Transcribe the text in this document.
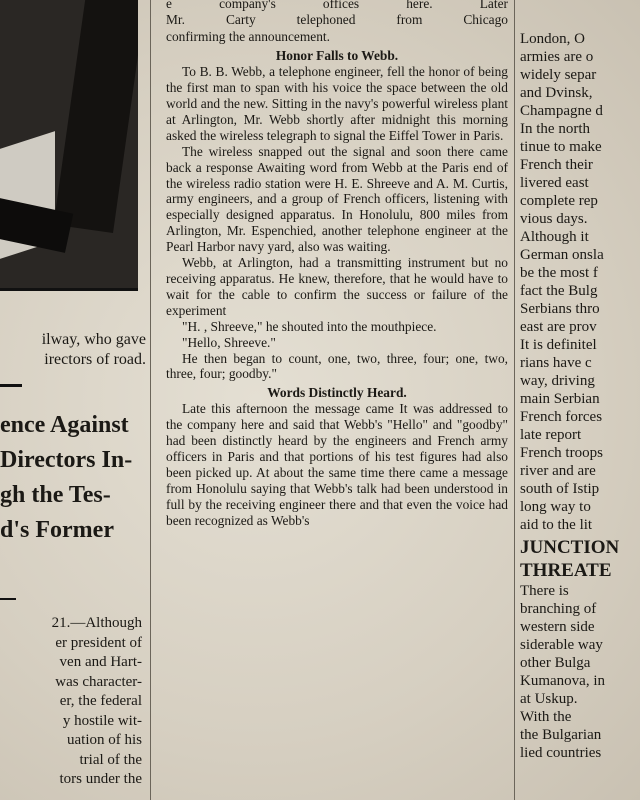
ilway, who gave
irectors of road.
ence Against
Directors In-
gh the Tes-
d's Former
21.—Although
er president of
ven and Hart-
was character-
er, the federal
y hostile wit-
uation of his
trial of the
tors under the
e company's offices here. Later
Mr. Carty telephoned from Chicago
confirming the announcement.
Honor Falls to Webb.

To B. B. Webb, a telephone engineer, fell the honor of being the first man to span with his voice the space between the old world and the new. Sitting in the navy's powerful wireless plant at Arlington, Mr. Webb shortly after midnight this morning asked the wireless telegraph to signal the Eiffel Tower in Paris.

The wireless snapped out the signal and soon there came back a response Awaiting word from Webb at the Paris end of the wireless radio station were H. E. Shreeve and A. M. Curtis, army engineers, and a group of French officers, listening with especially designed apparatus. In Honolulu, 800 miles from Arlington, Mr. Espenchied, another telephone engineer at the Pearl Harbor navy yard, also was waiting.

Webb, at Arlington, had a transmitting instrument but no receiving apparatus. He knew, therefore, that he would have to wait for the cable to confirm the success or failure of the experiment

"H. , Shreeve," he shouted into the mouthpiece.

"Hello, Shreeve."

He then began to count, one, two, three, four; one, two, three, four; goodby."

Words Distinctly Heard.

Late this afternoon the message came It was addressed to the company here and said that Webb's "Hello" and "goodby" had been distinctly heard by the engineers and French army officers in Paris and that portions of his test figures had also been picked up. At about the same time there came a message from Honolulu saying that Webb's talk had been understood in full by the receiving engineer there and that even the voice had been recognized as Webb's

London, O
armies are o
widely separ
and Dvinsk,
Champagne d
In the north
tinue to make
French their
livered east
complete rep
vious days.
Although it
German onsla
be the most f
fact the Bulg
Serbians thro
east are prov
It is definitel
rians have c
way, driving
main Serbian
French forces
late report
French troops
river and are
south of Istip
long way to
aid to the lit
JUNCTION
THREATE
There is
branching of
western side
siderable way
other Bulga
Kumanova, in
at Uskup.
With the
the Bulgarian
lied countries
